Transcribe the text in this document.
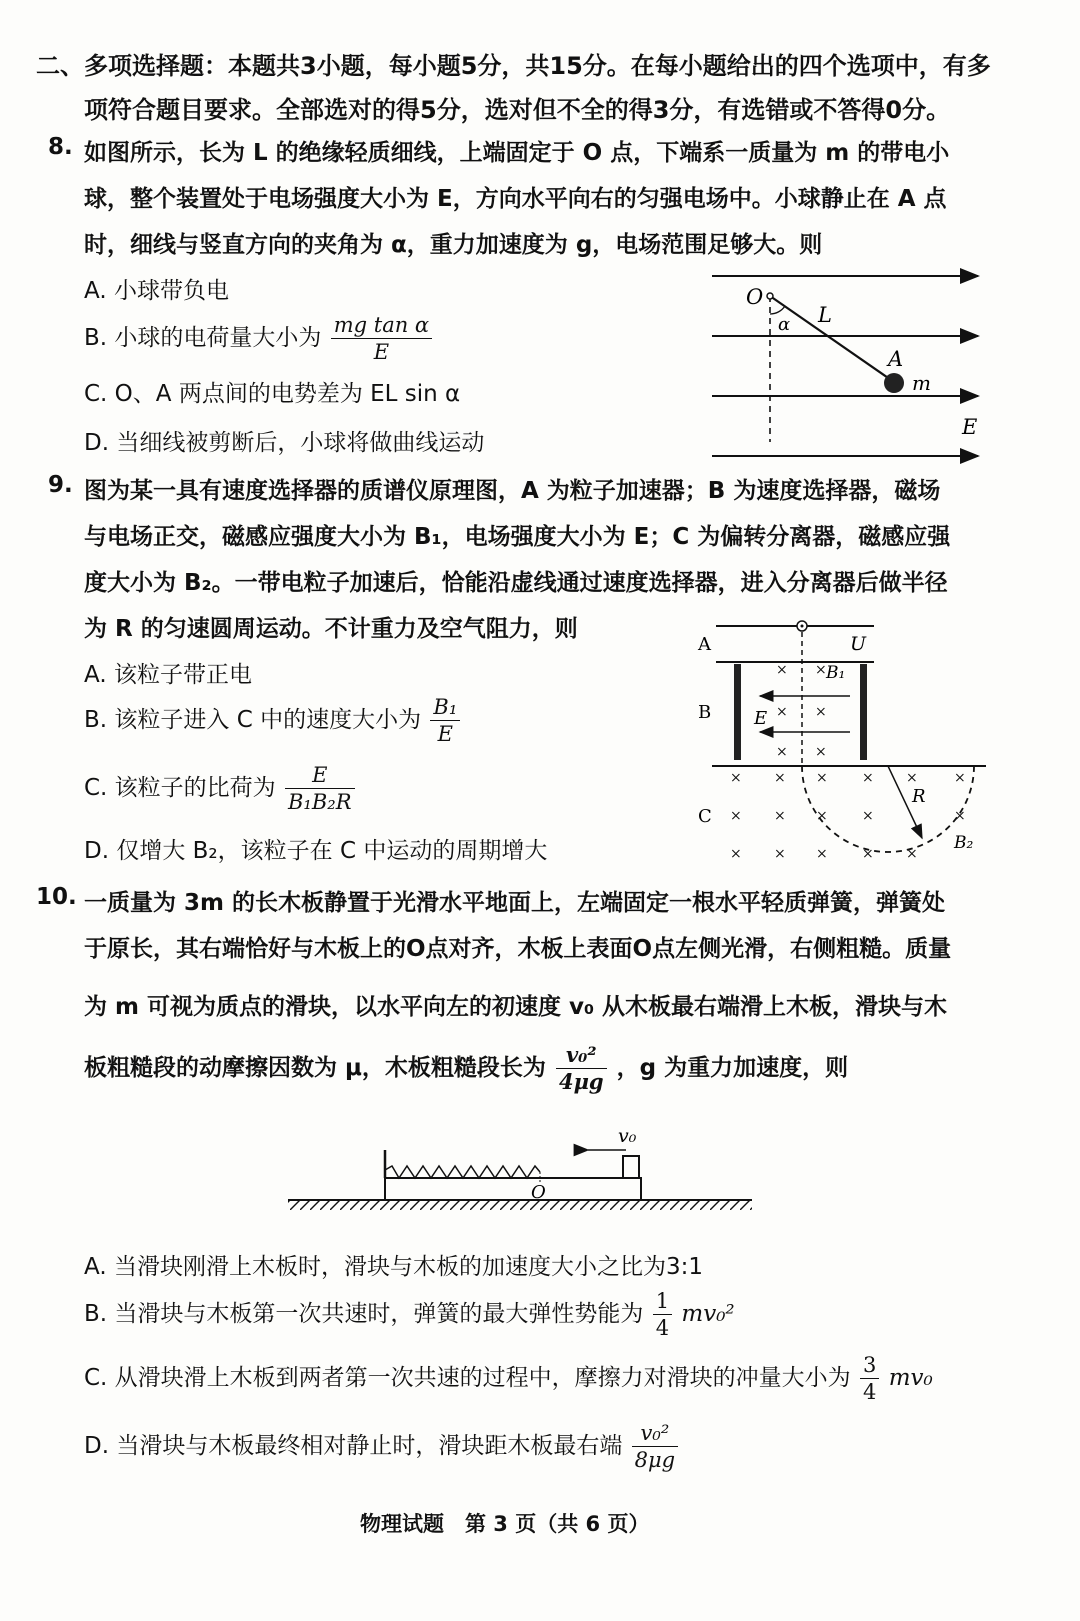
二、多项选择题：本题共3小题，每小题5分，共15分。在每小题给出的四个选项中，有多
项符合题目要求。全部选对的得5分，选对但不全的得3分，有选错或不答得0分。
8. 如图所示，长为 L 的绝缘轻质细线，上端固定于 O 点，下端系一质量为 m 的带电小
球，整个装置处于电场强度大小为 E，方向水平向右的匀强电场中。小球静止在 A 点
时，细线与竖直方向的夹角为 α，重力加速度为 g，电场范围足够大。则
A. 小球带负电
B. 小球的电荷量大小为 $\frac{\text{mg tan α}}{E}$
C. O、A 两点间的电势差为 EL sin α
D. 当细线被剪断后，小球将做曲线运动
O
α L
A
m
E
9. 图为某一具有速度选择器的质谱仪原理图，A 为粒子加速器；B 为速度选择器，磁场
与电场正交，磁感应强度大小为 B₁，电场强度大小为 E；C 为偏转分离器，磁感应强
度大小为 B₂。一带电粒子加速后，恰能沿虚线通过速度选择器，进入分离器后做半径
为 R 的匀速圆周运动。不计重力及空气阻力，则
A. 该粒子带正电
B. 该粒子进入 C 中的速度大小为 $\frac{\text{B₁}}{E}$
C. 该粒子的比荷为 $\frac{E}{\text{B₁B₂R}}$
D. 仅增大 B₂，该粒子在 C 中运动的周期增大
× ×
× ×
× ×
× × × × ×	×
× × × ×	×
× × × × ×
A
B
C
U
B₁
E
R
B₂
10. 一质量为 3m 的长木板静置于光滑水平地面上，左端固定一根水平轻质弹簧，弹簧处
于原长，其右端恰好与木板上的O点对齐，木板上表面O点左侧光滑，右侧粗糙。质量
为 m 可视为质点的滑块，以水平向左的初速度 v₀ 从木板最右端滑上木板，滑块与木
板粗糙段的动摩擦因数为 μ，木板粗糙段长为 $\frac{\text{v₀²}}{4\mu g}$ ，g 为重力加速度，则
v₀
O
A. 当滑块刚滑上木板时，滑块与木板的加速度大小之比为3:1
B. 当滑块与木板第一次共速时，弹簧的最大弹性势能为 $\frac{1}{4} mv_0^2$
C. 从滑块滑上木板到两者第一次共速的过程中，摩擦力对滑块的冲量大小为 $\frac{3}{4} mv_0$
D. 当滑块与木板最终相对静止时，滑块距木板最右端 $\frac{\text{v₀²}}{8\mu g}$
物理试题　第 3 页（共 6 页）
